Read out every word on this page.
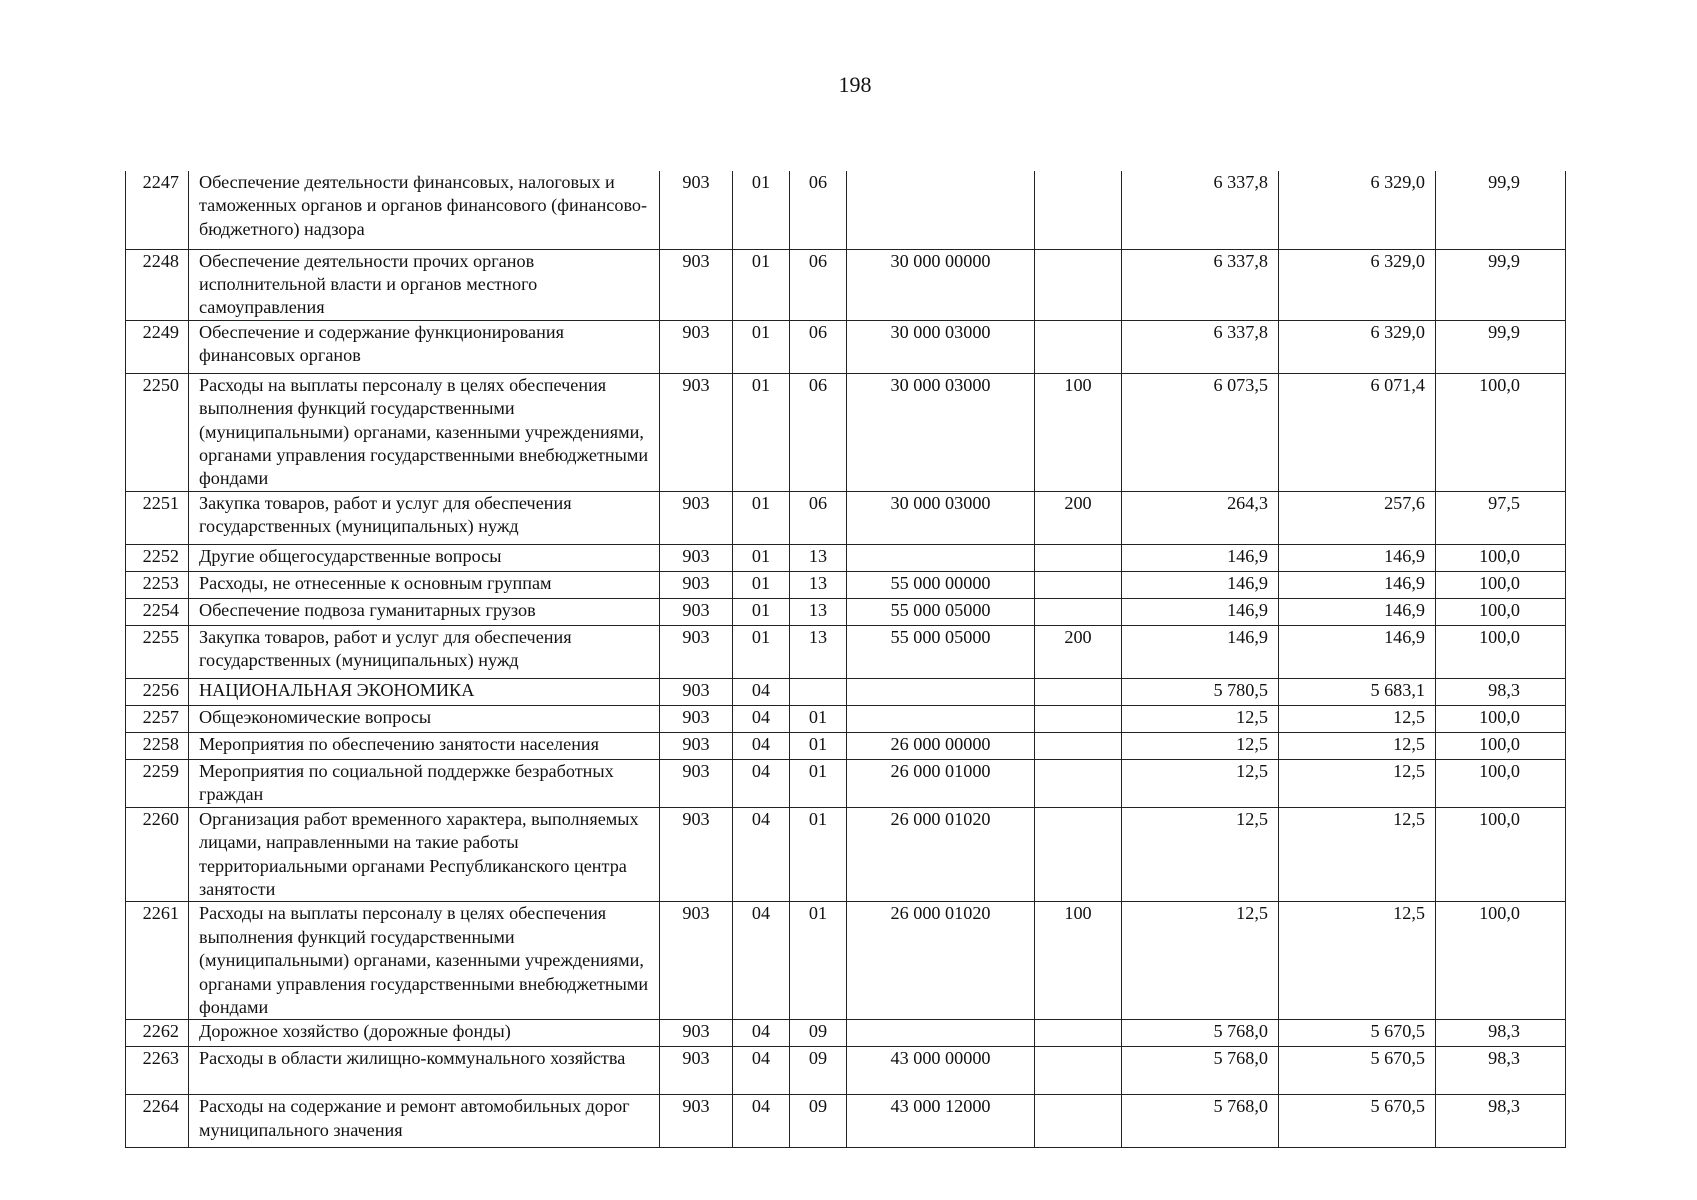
198
2247	Обеспечение деятельности финансовых, налоговых и таможенных органов и органов финансового (финансово-бюджетного) надзора	903	01	06			6 337,8	6 329,0	99,9
2248	Обеспечение деятельности прочих органов исполнительной власти и органов местного самоуправления	903	01	06	30 000 00000		6 337,8	6 329,0	99,9
2249	Обеспечение и содержание функционирования финансовых органов	903	01	06	30 000 03000		6 337,8	6 329,0	99,9
2250	Расходы на выплаты персоналу в целях обеспечения выполнения функций государственными (муниципальными) органами, казенными учреждениями, органами управления государственными внебюджетными фондами	903	01	06	30 000 03000	100	6 073,5	6 071,4	100,0
2251	Закупка товаров, работ и услуг для обеспечения государственных (муниципальных) нужд	903	01	06	30 000 03000	200	264,3	257,6	97,5
2252	Другие общегосударственные вопросы	903	01	13			146,9	146,9	100,0
2253	Расходы, не отнесенные к основным группам	903	01	13	55 000 00000		146,9	146,9	100,0
2254	Обеспечение подвоза гуманитарных грузов	903	01	13	55 000 05000		146,9	146,9	100,0
2255	Закупка товаров, работ и услуг для обеспечения государственных (муниципальных) нужд	903	01	13	55 000 05000	200	146,9	146,9	100,0
2256	НАЦИОНАЛЬНАЯ ЭКОНОМИКА	903	04				5 780,5	5 683,1	98,3
2257	Общеэкономические вопросы	903	04	01			12,5	12,5	100,0
2258	Мероприятия по обеспечению занятости населения	903	04	01	26 000 00000		12,5	12,5	100,0
2259	Мероприятия по социальной поддержке безработных граждан	903	04	01	26 000 01000		12,5	12,5	100,0
2260	Организация работ временного характера, выполняемых лицами, направленными на такие работы территориальными органами Республиканского центра занятости	903	04	01	26 000 01020		12,5	12,5	100,0
2261	Расходы на выплаты персоналу в целях обеспечения выполнения функций государственными (муниципальными) органами, казенными учреждениями, органами управления государственными внебюджетными фондами	903	04	01	26 000 01020	100	12,5	12,5	100,0
2262	Дорожное хозяйство (дорожные фонды)	903	04	09			5 768,0	5 670,5	98,3
2263	Расходы в области жилищно-коммунального хозяйства	903	04	09	43 000 00000		5 768,0	5 670,5	98,3
2264	Расходы на содержание и ремонт автомобильных дорог муниципального значения	903	04	09	43 000 12000		5 768,0	5 670,5	98,3
